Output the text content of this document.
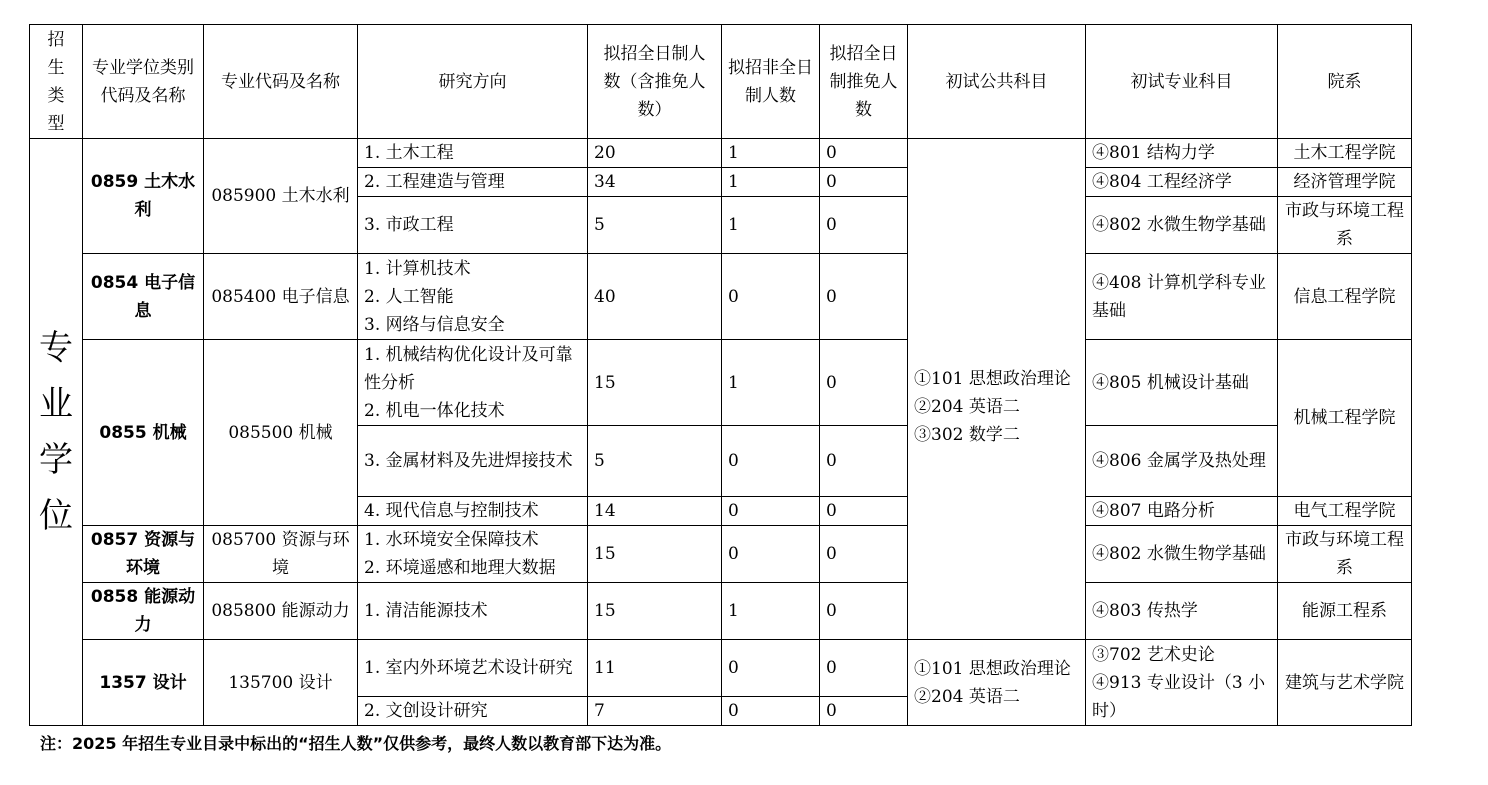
招生类型	专业学位类别代码及名称	专业代码及名称	研究方向	拟招全日制人数（含推免人数）	拟招非全日制人数	拟招全日制推免人数	初试公共科目	初试专业科目	院系
专业学位	0859 土木水利	085900 土木水利	1. 土木工程	20	1	0	①101 思想政治理论
②204 英语二
③302 数学二	④801 结构力学	土木工程学院
			2. 工程建造与管理	34	1	0		④804 工程经济学	经济管理学院
			3. 市政工程	5	1	0		④802 水微生物学基础	市政与环境工程系
	0854 电子信息	085400 电子信息	1. 计算机技术
2. 人工智能
3. 网络与信息安全	40	0	0		④408 计算机学科专业基础	信息工程学院
	0855 机械	085500 机械	1. 机械结构优化设计及可靠性分析
2. 机电一体化技术	15	1	0		④805 机械设计基础	机械工程学院
			3. 金属材料及先进焊接技术	5	0	0		④806 金属学及热处理	
			4. 现代信息与控制技术	14	0	0		④807 电路分析	电气工程学院
	0857 资源与环境	085700 资源与环境	1. 水环境安全保障技术
2. 环境遥感和地理大数据	15	0	0		④802 水微生物学基础	市政与环境工程系
	0858 能源动力	085800 能源动力	1. 清洁能源技术	15	1	0		④803 传热学	能源工程系
	1357 设计	135700 设计	1. 室内外环境艺术设计研究	11	0	0	①101 思想政治理论
②204 英语二	③702 艺术史论
④913 专业设计（3 小时）	建筑与艺术学院
			2. 文创设计研究	7	0	0			
注：2025 年招生专业目录中标出的“招生人数”仅供参考，最终人数以教育部下达为准。
